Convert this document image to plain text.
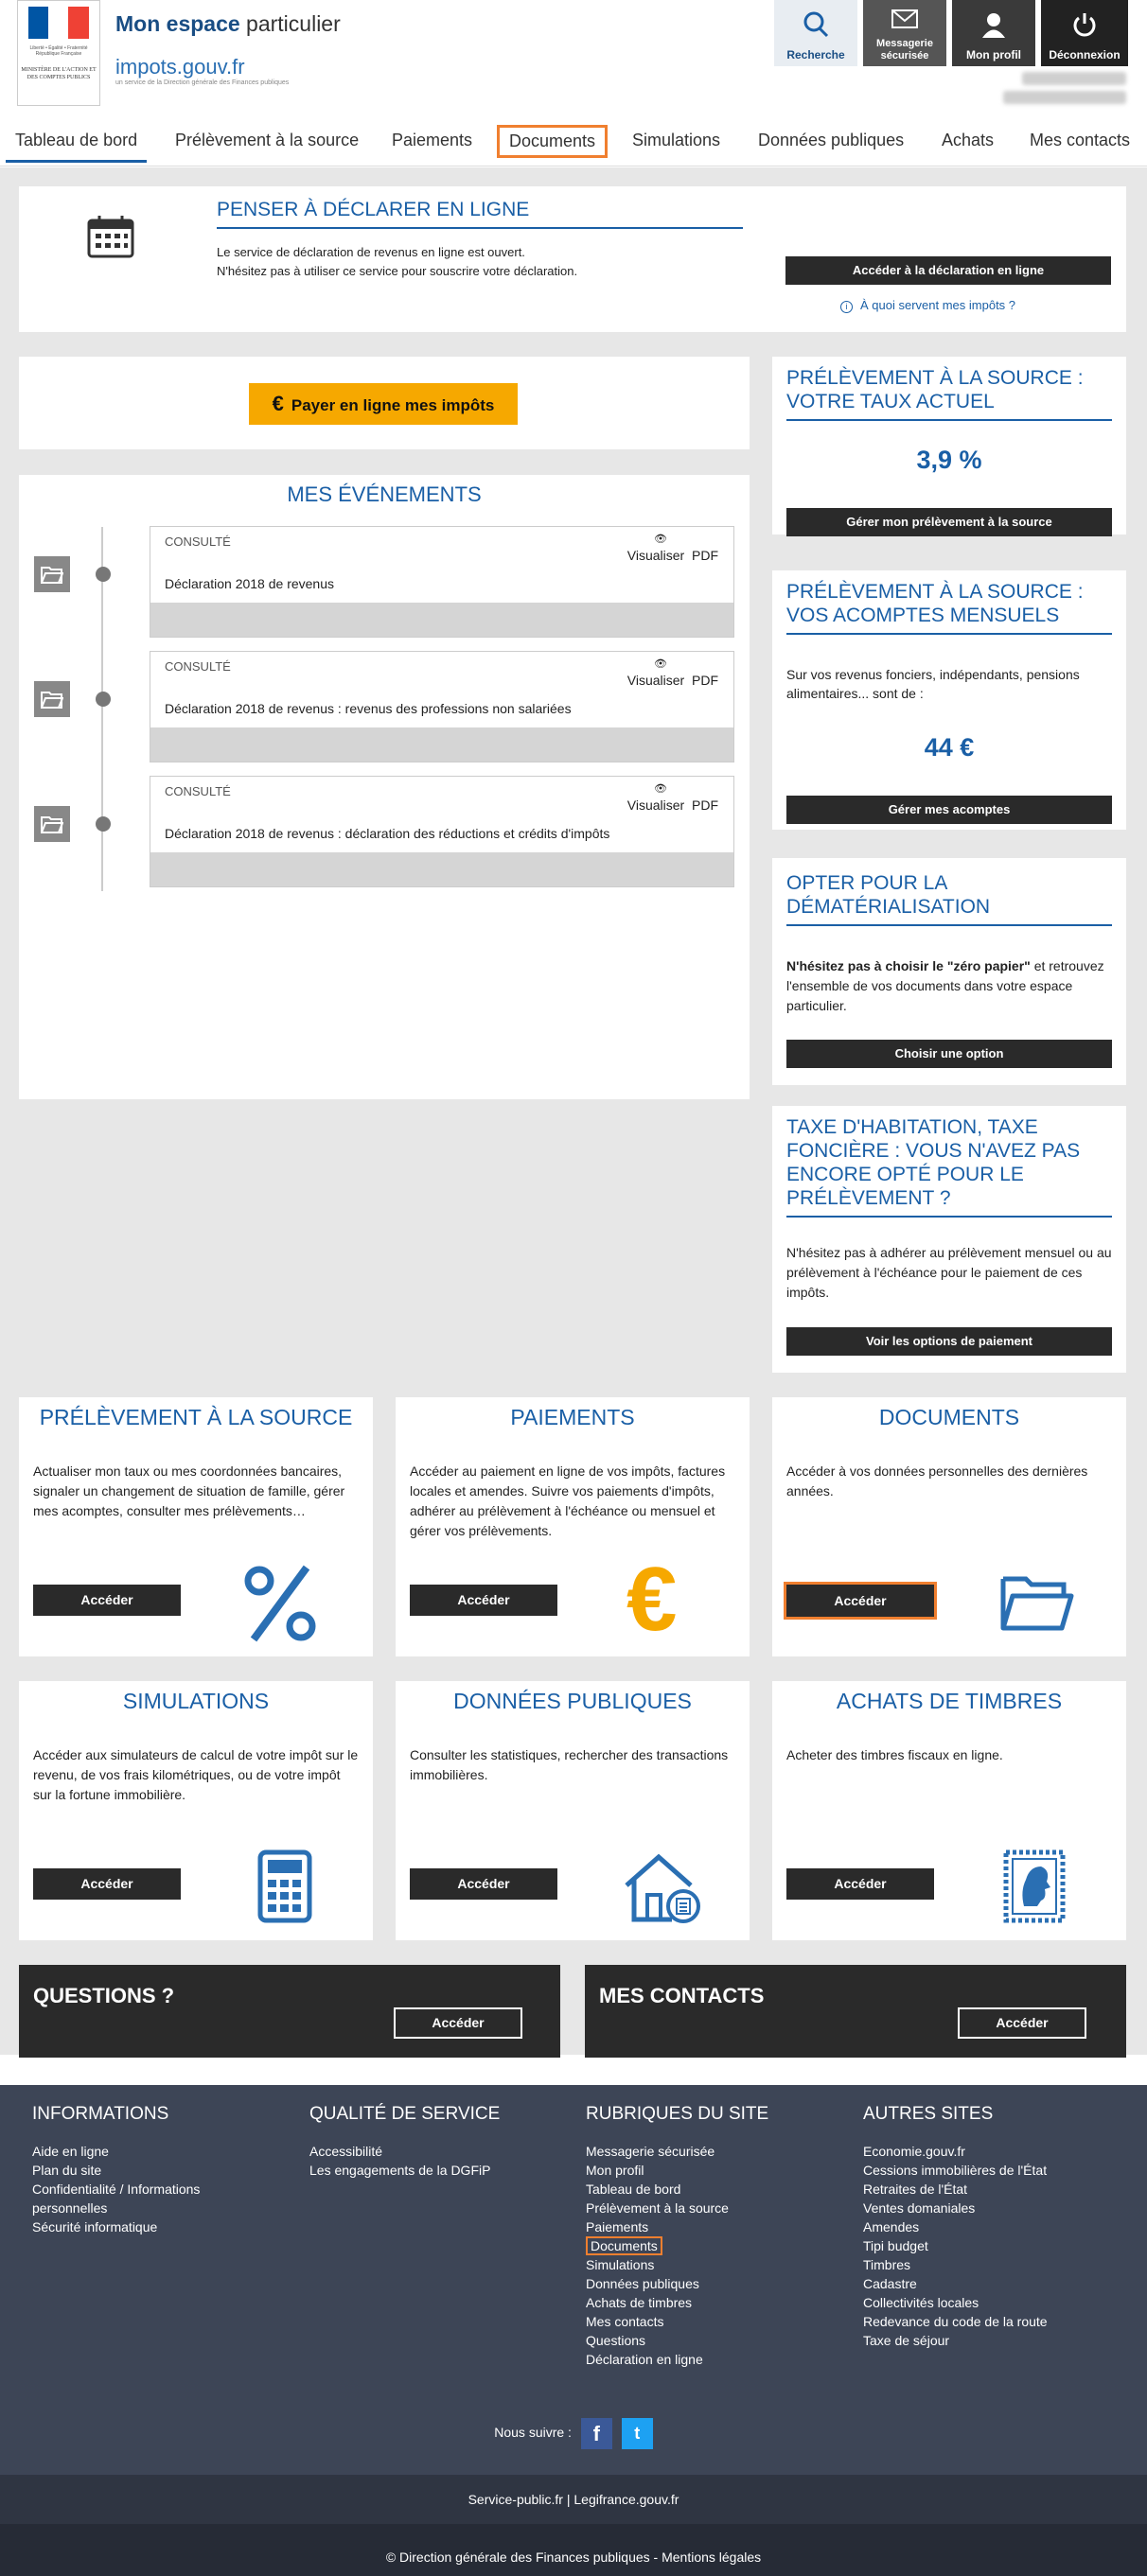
Liberté • Égalité • Fraternité
République Française
MINISTÈRE DE L'ACTION ET DES COMPTES PUBLICS
Mon espace particulier
impots.gouv.fr
un service de la Direction générale des Finances publiques
Recherche
Messagerie sécurisée	Mon profil Déconnexion
Tableau de bord	Prélèvement à la source	Paiements	Documents	Simulations	Données publiques	Achats	Mes contacts
PENSER À DÉCLARER EN LIGNE
Le service de déclaration de revenus en ligne est ouvert.
N'hésitez pas à utiliser ce service pour souscrire votre déclaration.	Accéder à la déclaration en ligne
i À quoi servent mes impôts ?
€ Payer en ligne mes impôts
MES ÉVÉNEMENTS
CONSULTÉ	👁
Visualiser PDF
Déclaration 2018 de revenus
CONSULTÉ	👁
Visualiser PDF
Déclaration 2018 de revenus : revenus des professions non salariées
CONSULTÉ	👁
Visualiser PDF
Déclaration 2018 de revenus : déclaration des réductions et crédits d'impôts
PRÉLÈVEMENT À LA SOURCE : VOTRE TAUX ACTUEL
3,9 %
Gérer mon prélèvement à la source
PRÉLÈVEMENT À LA SOURCE : VOS ACOMPTES MENSUELS
Sur vos revenus fonciers, indépendants, pensions alimentaires... sont de :
44 €
Gérer mes acomptes
OPTER POUR LA DÉMATÉRIALISATION
N'hésitez pas à choisir le "zéro papier" et retrouvez l'ensemble de vos documents dans votre espace particulier.
Choisir une option
TAXE D'HABITATION, TAXE FONCIÈRE : VOUS N'AVEZ PAS ENCORE OPTÉ POUR LE PRÉLÈVEMENT ?
N'hésitez pas à adhérer au prélèvement mensuel ou au prélèvement à l'échéance pour le paiement de ces impôts.
Voir les options de paiement
PRÉLÈVEMENT À LA SOURCE
Actualiser mon taux ou mes coordonnées bancaires, signaler un changement de situation de famille, gérer mes acomptes, consulter mes prélèvements…
Accéder
PAIEMENTS
Accéder au paiement en ligne de vos impôts, factures locales et amendes. Suivre vos paiements d'impôts, adhérer au prélèvement à l'échéance ou mensuel et gérer vos prélèvements.
Accéder	€
DOCUMENTS
Accéder à vos données personnelles des dernières années.
Accéder
SIMULATIONS
Accéder aux simulateurs de calcul de votre impôt sur le revenu, de vos frais kilométriques, ou de votre impôt sur la fortune immobilière.
Accéder
DONNÉES PUBLIQUES
Consulter les statistiques, rechercher des transactions immobilières.
Accéder
ACHATS DE TIMBRES
Acheter des timbres fiscaux en ligne.
Accéder
QUESTIONS ?
Accéder
MES CONTACTS
Accéder
INFORMATIONS
Aide en ligne
Plan du site
Confidentialité / Informations
personnelles
Sécurité informatique
QUALITÉ DE SERVICE
Accessibilité
Les engagements de la DGFiP
RUBRIQUES DU SITE
Messagerie sécurisée
Mon profil
Tableau de bord
Prélèvement à la source
Paiements
Documents
Simulations
Données publiques
Achats de timbres
Mes contacts
Questions
Déclaration en ligne
AUTRES SITES
Economie.gouv.fr
Cessions immobilières de l'État
Retraites de l'État
Ventes domaniales
Amendes
Tipi budget
Timbres
Cadastre
Collectivités locales
Redevance du code de la route
Taxe de séjour
Nous suivre : f t
Service-public.fr | Legifrance.gouv.fr
© Direction générale des Finances publiques - Mentions légales
